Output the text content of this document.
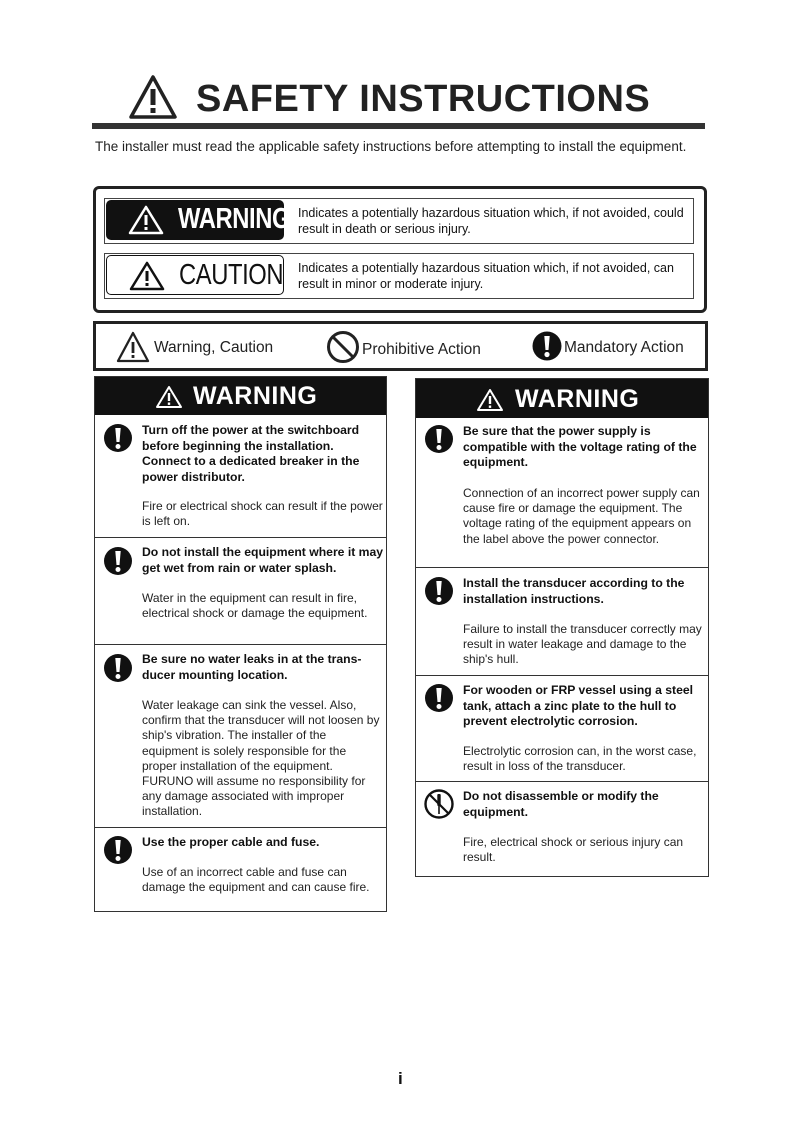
SAFETY INSTRUCTIONS
The installer must read the applicable safety instructions before attempting to install the equipment.
WARNING Indicates a potentially hazardous situation which, if not avoided, could result in death or serious injury.
CAUTION Indicates a potentially hazardous situation which, if not avoided, can result in minor or moderate injury.
Warning, Caution	Prohibitive Action	Mandatory Action
WARNING
Turn off the power at the switchboard before beginning the installation. Connect to a dedicated breaker in the power distributor.
Fire or electrical shock can result if the power is left on.
Do not install the equipment where it may get wet from rain or water splash.
Water in the equipment can result in fire, electrical shock or damage the equipment.
Be sure no water leaks in at the trans-ducer mounting location.
Water leakage can sink the vessel. Also, confirm that the transducer will not loosen by ship's vibration. The installer of the equipment is solely responsible for the proper installation of the equipment. FURUNO will assume no responsibility for any damage associated with improper installation.
Use the proper cable and fuse.
Use of an incorrect cable and fuse can damage the equipment and can cause fire.
WARNING
Be sure that the power supply is compatible with the voltage rating of the equipment.
Connection of an incorrect power supply can cause fire or damage the equipment. The voltage rating of the equipment appears on the label above the power connector.
Install the transducer according to the installation instructions.
Failure to install the transducer correctly may result in water leakage and damage to the ship's hull.
For wooden or FRP vessel using a steel tank, attach a zinc plate to the hull to prevent electrolytic corrosion.
Electrolytic corrosion can, in the worst case, result in loss of the transducer.
Do not disassemble or modify the equipment.
Fire, electrical shock or serious injury can result.
i
